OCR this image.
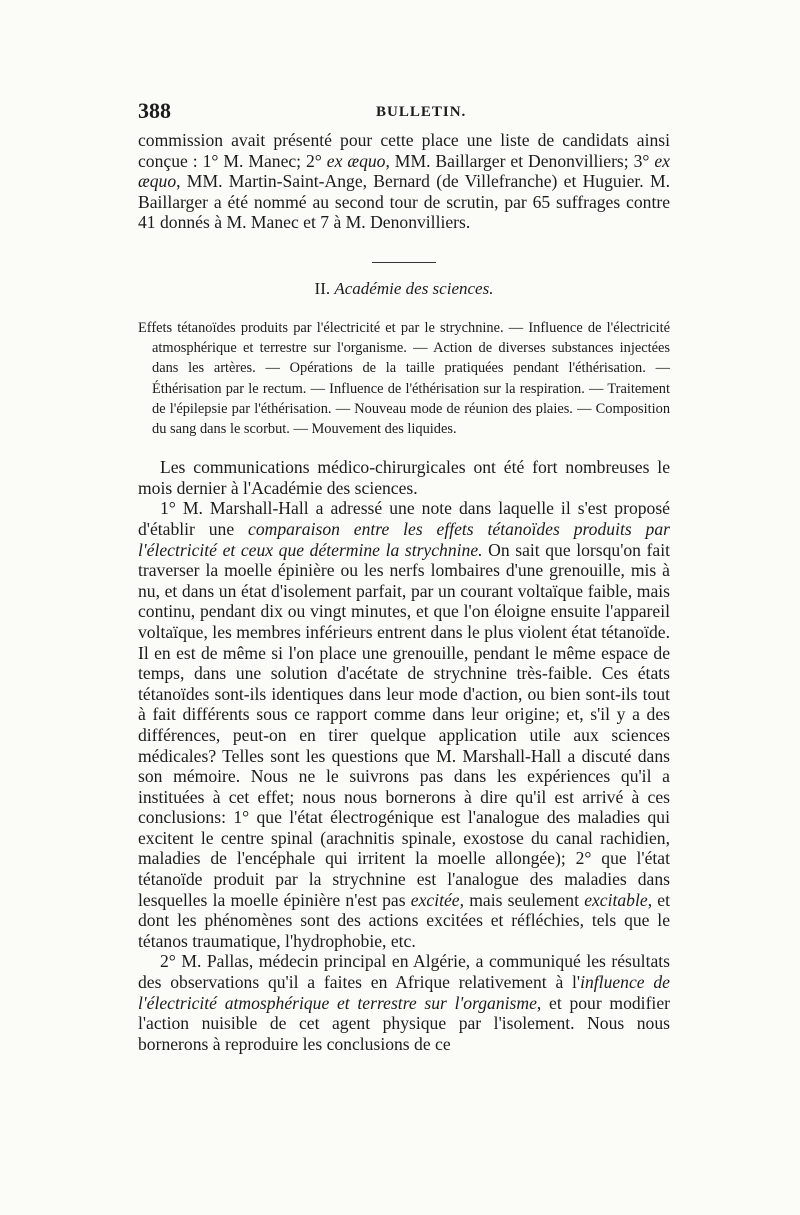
388	BULLETIN.

commission avait présenté pour cette place une liste de candidats ainsi conçue : 1° M. Manec; 2° ex æquo, MM. Baillarger et Denonvilliers; 3° ex æquo, MM. Martin-Saint-Ange, Bernard (de Villefranche) et Huguier. M. Baillarger a été nommé au second tour de scrutin, par 65 suffrages contre 41 donnés à M. Manec et 7 à M. Denonvilliers.

II. Académie des sciences.

Effets tétanoïdes produits par l'électricité et par le strychnine. — Influence de l'électricité atmosphérique et terrestre sur l'organisme. — Action de diverses substances injectées dans les artères. — Opérations de la taille pratiquées pendant l'éthérisation.— Éthérisation par le rectum. — Influence de l'éthérisation sur la respiration. — Traitement de l'épilepsie par l'éthérisation. — Nouveau mode de réunion des plaies. — Composition du sang dans le scorbut. — Mouvement des liquides.

Les communications médico-chirurgicales ont été fort nombreuses le mois dernier à l'Académie des sciences.

1° M. Marshall-Hall a adressé une note dans laquelle il s'est proposé d'établir une comparaison entre les effets tétanoïdes produits par l'électricité et ceux que détermine la strychnine. On sait que lorsqu'on fait traverser la moelle épinière ou les nerfs lombaires d'une grenouille, mis à nu, et dans un état d'isolement parfait, par un courant voltaïque faible, mais continu, pendant dix ou vingt minutes, et que l'on éloigne ensuite l'appareil voltaïque, les membres inférieurs entrent dans le plus violent état tétanoïde. Il en est de même si l'on place une grenouille, pendant le même espace de temps, dans une solution d'acétate de strychnine très-faible. Ces états tétanoïdes sont-ils identiques dans leur mode d'action, ou bien sont-ils tout à fait différents sous ce rapport comme dans leur origine; et, s'il y a des différences, peut-on en tirer quelque application utile aux sciences médicales? Telles sont les questions que M. Marshall-Hall a discuté dans son mémoire. Nous ne le suivrons pas dans les expériences qu'il a instituées à cet effet; nous nous bornerons à dire qu'il est arrivé à ces conclusions: 1° que l'état électrogénique est l'analogue des maladies qui excitent le centre spinal (arachnitis spinale, exostose du canal rachidien, maladies de l'encéphale qui irritent la moelle allongée); 2° que l'état tétanoïde produit par la strychnine est l'analogue des maladies dans lesquelles la moelle épinière n'est pas excitée, mais seulement excitable, et dont les phénomènes sont des actions excitées et réfléchies, tels que le tétanos traumatique, l'hydrophobie, etc.

2° M. Pallas, médecin principal en Algérie, a communiqué les résultats des observations qu'il a faites en Afrique relativement à l'influence de l'électricité atmosphérique et terrestre sur l'organisme, et pour modifier l'action nuisible de cet agent physique par l'isolement. Nous nous bornerons à reproduire les conclusions de ce
